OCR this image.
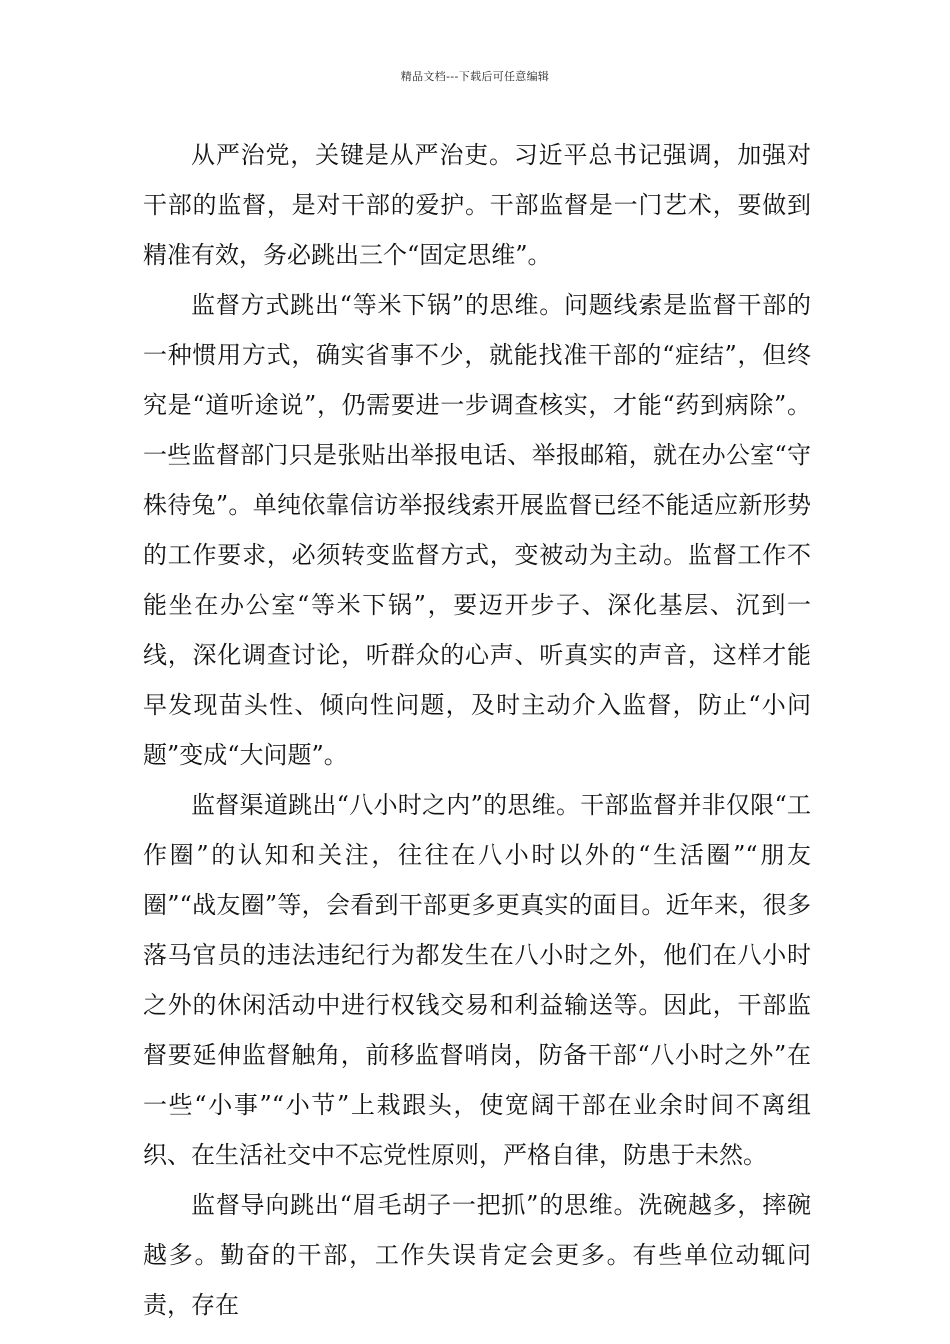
精品文档---下载后可任意编辑

从严治党，关键是从严治吏。习近平总书记强调，加强对干部的监督，是对干部的爱护。干部监督是一门艺术，要做到精准有效，务必跳出三个“固定思维”。

监督方式跳出“等米下锅”的思维。问题线索是监督干部的一种惯用方式，确实省事不少，就能找准干部的“症结”，但终究是“道听途说”，仍需要进一步调查核实，才能“药到病除”。一些监督部门只是张贴出举报电话、举报邮箱，就在办公室“守株待兔”。单纯依靠信访举报线索开展监督已经不能适应新形势的工作要求，必须转变监督方式，变被动为主动。监督工作不能坐在办公室“等米下锅”，要迈开步子、深化基层、沉到一线，深化调查讨论，听群众的心声、听真实的声音，这样才能早发现苗头性、倾向性问题，及时主动介入监督，防止“小问题”变成“大问题”。

监督渠道跳出“八小时之内”的思维。干部监督并非仅限“工作圈”的认知和关注，往往在八小时以外的“生活圈”“朋友圈”“战友圈”等，会看到干部更多更真实的面目。近年来，很多落马官员的违法违纪行为都发生在八小时之外，他们在八小时之外的休闲活动中进行权钱交易和利益输送等。因此，干部监督要延伸监督触角，前移监督哨岗，防备干部“八小时之外”在一些“小事”“小节”上栽跟头，使宽阔干部在业余时间不离组织、在生活社交中不忘党性原则，严格自律，防患于未然。

监督导向跳出“眉毛胡子一把抓”的思维。洗碗越多，摔碗越多。勤奋的干部，工作失误肯定会更多。有些单位动辄问责，存在
